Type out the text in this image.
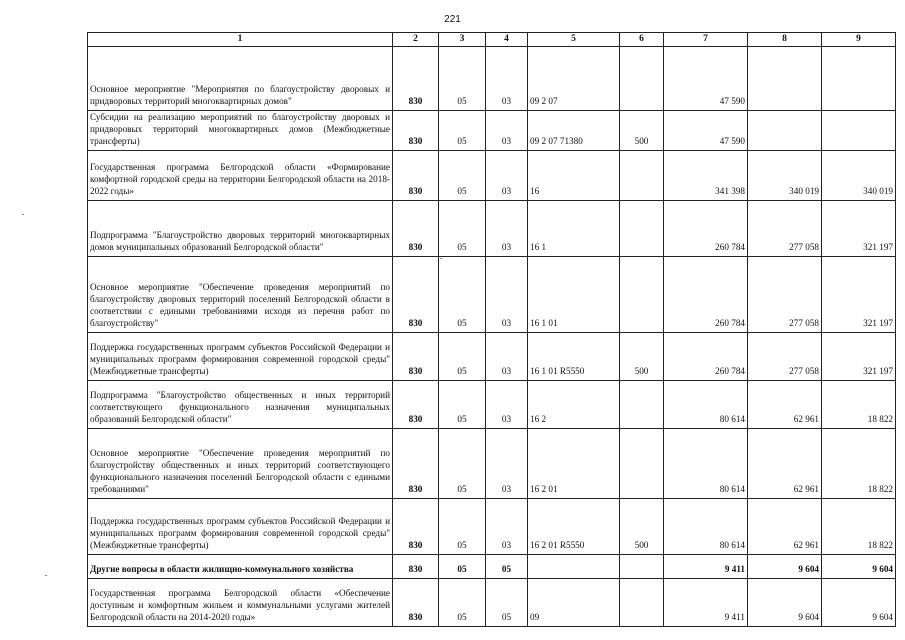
221
1	2	3	4	5	6	7	8	9
Основное мероприятие "Мероприятия по благоустройству дворовых и придворовых территорий многоквартирных домов"	830	05	03	09 2 07		47 590		
Субсидии на реализацию мероприятий по благоустройству дворовых и придворовых территорий многоквартирных домов (Межбюджетные трансферты)	830	05	03	09 2 07 71380	500	47 590		
Государственная программа Белгородской области «Формирование комфортной городской среды на территории Белгородской области на 2018-2022 годы»	830	05	03	16		341 398	340 019	340 019
Подпрограмма "Благоустройство дворовых территорий многоквартирных домов муниципальных образований Белгородской области"	830	05	03	16 1		260 784	277 058	321 197
Основное мероприятие "Обеспечение проведения мероприятий по благоустройству дворовых территорий поселений Белгородской области в соответствии с едиными требованиями исходя из перечня работ по благоустройству"	830	05	03	16 1 01		260 784	277 058	321 197
Поддержка государственных программ субъектов Российской Федерации и муниципальных программ формирования современной городской среды" (Межбюджетные трансферты)	830	05	03	16 1 01 R5550	500	260 784	277 058	321 197
Подпрограмма "Благоустройство общественных и иных территорий соответствующего функционального назначения муниципальных образований Белгородской области"	830	05	03	16 2		80 614	62 961	18 822
Основное мероприятие "Обеспечение проведения мероприятий по благоустройству общественных и иных территорий соответствующего функционального назначения поселений Белгородской области с едиными требованиями"	830	05	03	16 2 01		80 614	62 961	18 822
Поддержка государственных программ субъектов Российской Федерации и муниципальных программ формирования современной городской среды" (Межбюджетные трансферты)	830	05	03	16 2 01 R5550	500	80 614	62 961	18 822
Другие вопросы в области жилищно-коммунального хозяйства	830	05	05			9 411	9 604	9 604
Государственная программа Белгородской области «Обеспечение доступным и комфортным жильем и коммунальными услугами жителей Белгородской области на 2014-2020 годы»	830	05	05	09		9 411	9 604	9 604
